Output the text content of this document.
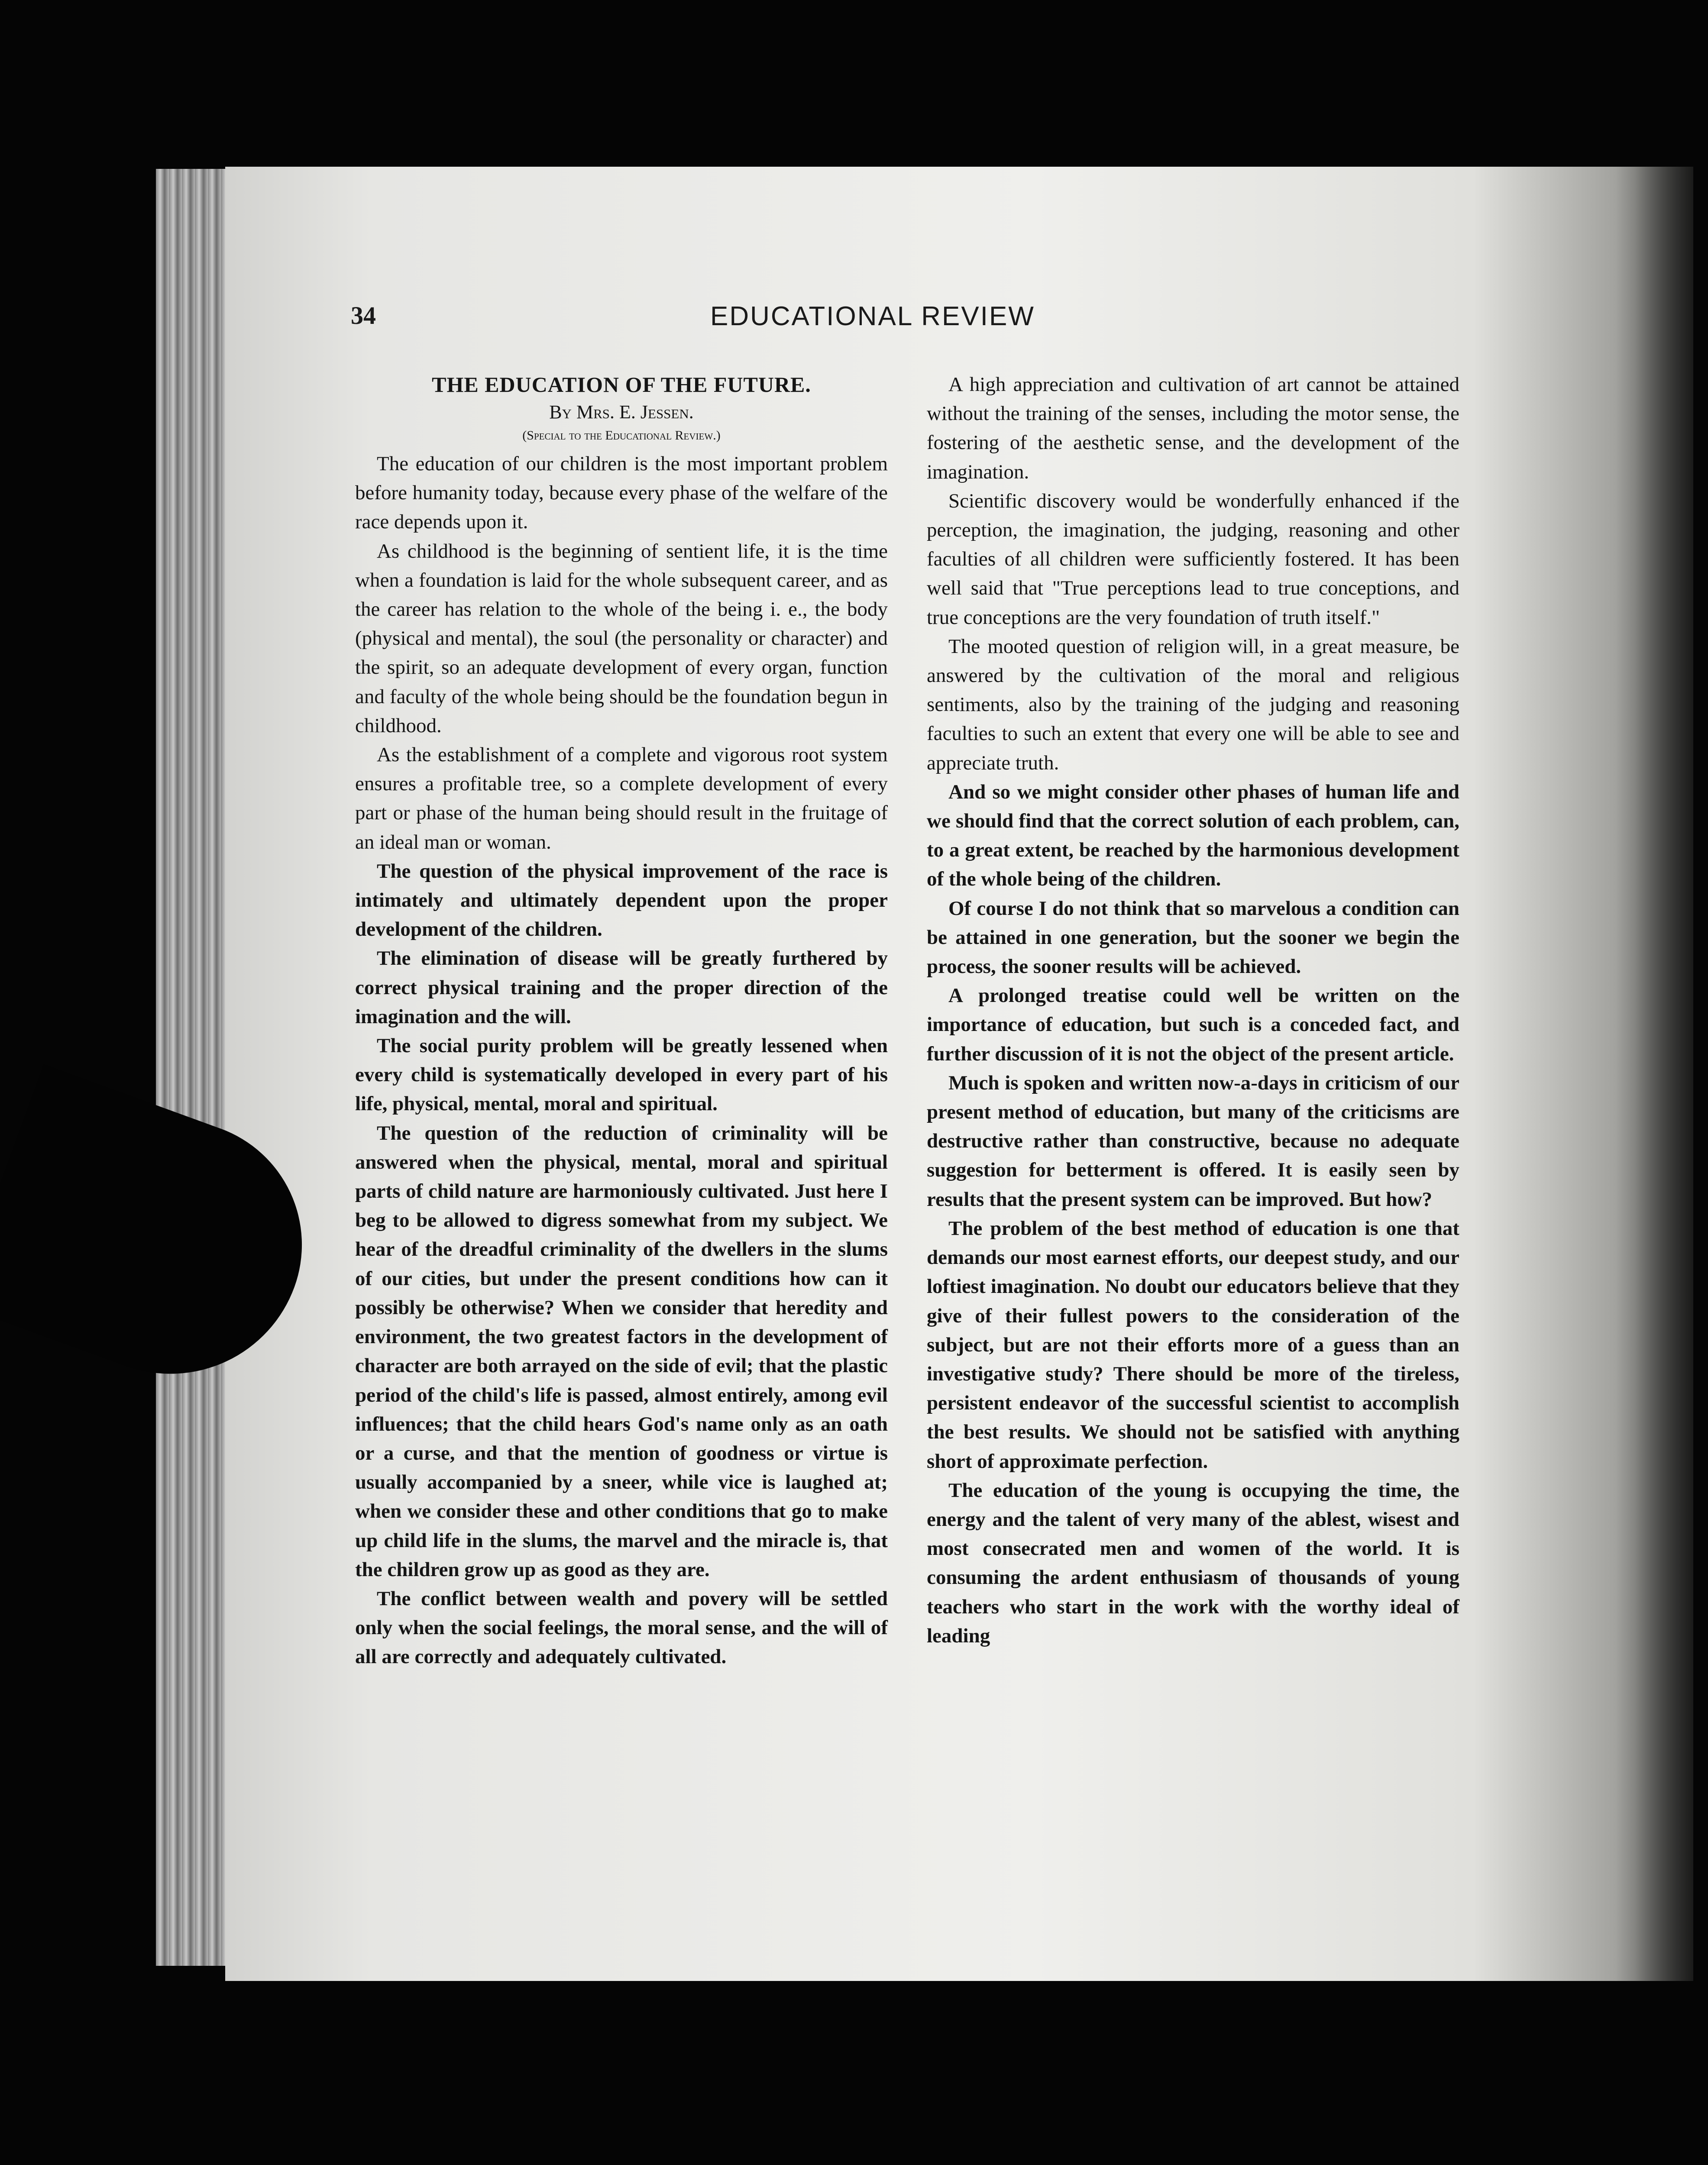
34	EDUCATIONAL REVIEW

THE EDUCATION OF THE FUTURE.

By Mrs. E. Jessen.

(Special to the Educational Review.)

The education of our children is the most important problem before humanity today, because every phase of the welfare of the race depends upon it.

As childhood is the beginning of sentient life, it is the time when a foundation is laid for the whole subsequent career, and as the career has relation to the whole of the being i. e., the body (physical and mental), the soul (the personality or character) and the spirit, so an adequate development of every organ, function and faculty of the whole being should be the foundation begun in childhood.

As the establishment of a complete and vigorous root system ensures a profitable tree, so a complete development of every part or phase of the human being should result in the fruitage of an ideal man or woman.

The question of the physical improvement of the race is intimately and ultimately dependent upon the proper development of the children.

The elimination of disease will be greatly furthered by correct physical training and the proper direction of the imagination and the will.

The social purity problem will be greatly lessened when every child is systematically developed in every part of his life, physical, mental, moral and spiritual.

The question of the reduction of criminality will be answered when the physical, mental, moral and spiritual parts of child nature are harmoniously cultivated. Just here I beg to be allowed to digress somewhat from my subject. We hear of the dreadful criminality of the dwellers in the slums of our cities, but under the present conditions how can it possibly be otherwise? When we consider that heredity and environment, the two greatest factors in the development of character are both arrayed on the side of evil; that the plastic period of the child's life is passed, almost entirely, among evil influences; that the child hears God's name only as an oath or a curse, and that the mention of goodness or virtue is usually accompanied by a sneer, while vice is laughed at; when we consider these and other conditions that go to make up child life in the slums, the marvel and the miracle is, that the children grow up as good as they are.

The conflict between wealth and povery will be settled only when the social feelings, the moral sense, and the will of all are correctly and adequately cultivated.

A high appreciation and cultivation of art cannot be attained without the training of the senses, including the motor sense, the fostering of the aesthetic sense, and the development of the imagination.

Scientific discovery would be wonderfully enhanced if the perception, the imagination, the judging, reasoning and other faculties of all children were sufficiently fostered. It has been well said that "True perceptions lead to true conceptions, and true conceptions are the very foundation of truth itself."

The mooted question of religion will, in a great measure, be answered by the cultivation of the moral and religious sentiments, also by the training of the judging and reasoning faculties to such an extent that every one will be able to see and appreciate truth.

And so we might consider other phases of human life and we should find that the correct solution of each problem, can, to a great extent, be reached by the harmonious development of the whole being of the children.

Of course I do not think that so marvelous a condition can be attained in one generation, but the sooner we begin the process, the sooner results will be achieved.

A prolonged treatise could well be written on the importance of education, but such is a conceded fact, and further discussion of it is not the object of the present article.

Much is spoken and written now-a-days in criticism of our present method of education, but many of the criticisms are destructive rather than constructive, because no adequate suggestion for betterment is offered. It is easily seen by results that the present system can be improved. But how?

The problem of the best method of education is one that demands our most earnest efforts, our deepest study, and our loftiest imagination. No doubt our educators believe that they give of their fullest powers to the consideration of the subject, but are not their efforts more of a guess than an investigative study? There should be more of the tireless, persistent endeavor of the successful scientist to accomplish the best results. We should not be satisfied with anything short of approximate perfection.

The education of the young is occupying the time, the energy and the talent of very many of the ablest, wisest and most consecrated men and women of the world. It is consuming the ardent enthusiasm of thousands of young teachers who start in the work with the worthy ideal of leading
